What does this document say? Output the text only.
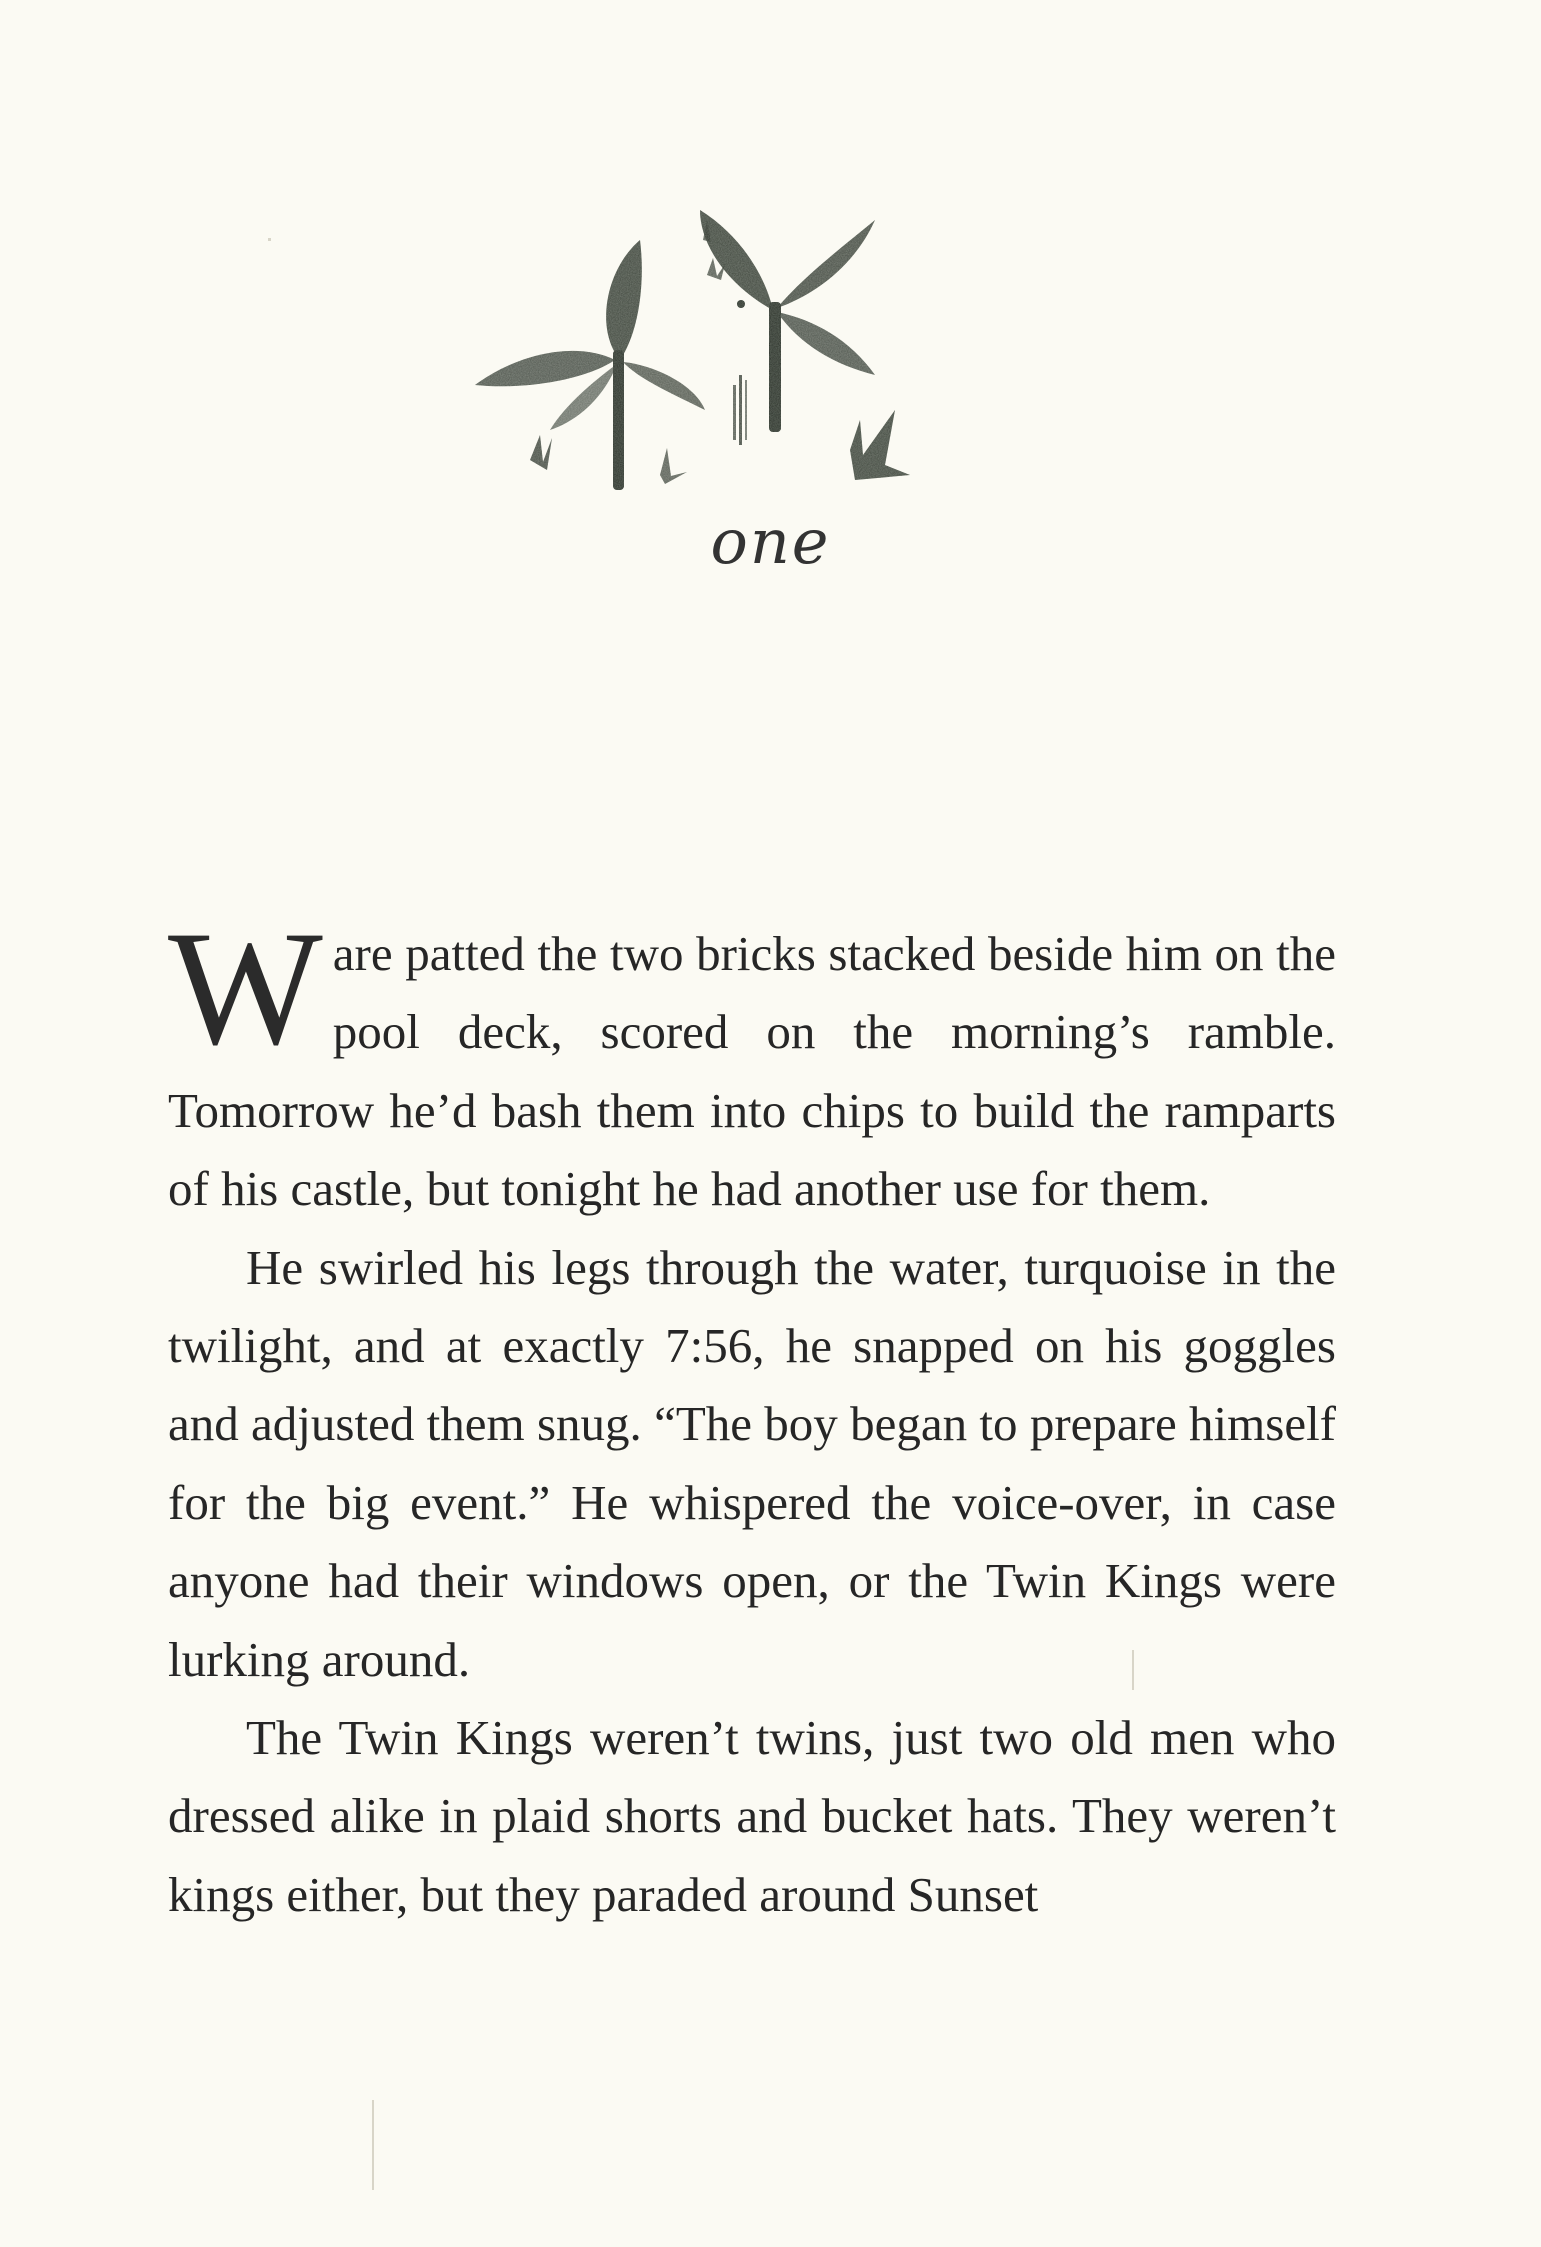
one

Ware patted the two bricks stacked beside him on the pool deck, scored on the morning’s ramble. Tomorrow he’d bash them into chips to build the ramparts of his castle, but tonight he had another use for them.

He swirled his legs through the water, turquoise in the twilight, and at exactly 7:56, he snapped on his goggles and adjusted them snug. “The boy began to prepare himself for the big event.” He whispered the voice-over, in case anyone had their windows open, or the Twin Kings were lurking around.

The Twin Kings weren’t twins, just two old men who dressed alike in plaid shorts and bucket hats. They weren’t kings either, but they paraded around Sunset
